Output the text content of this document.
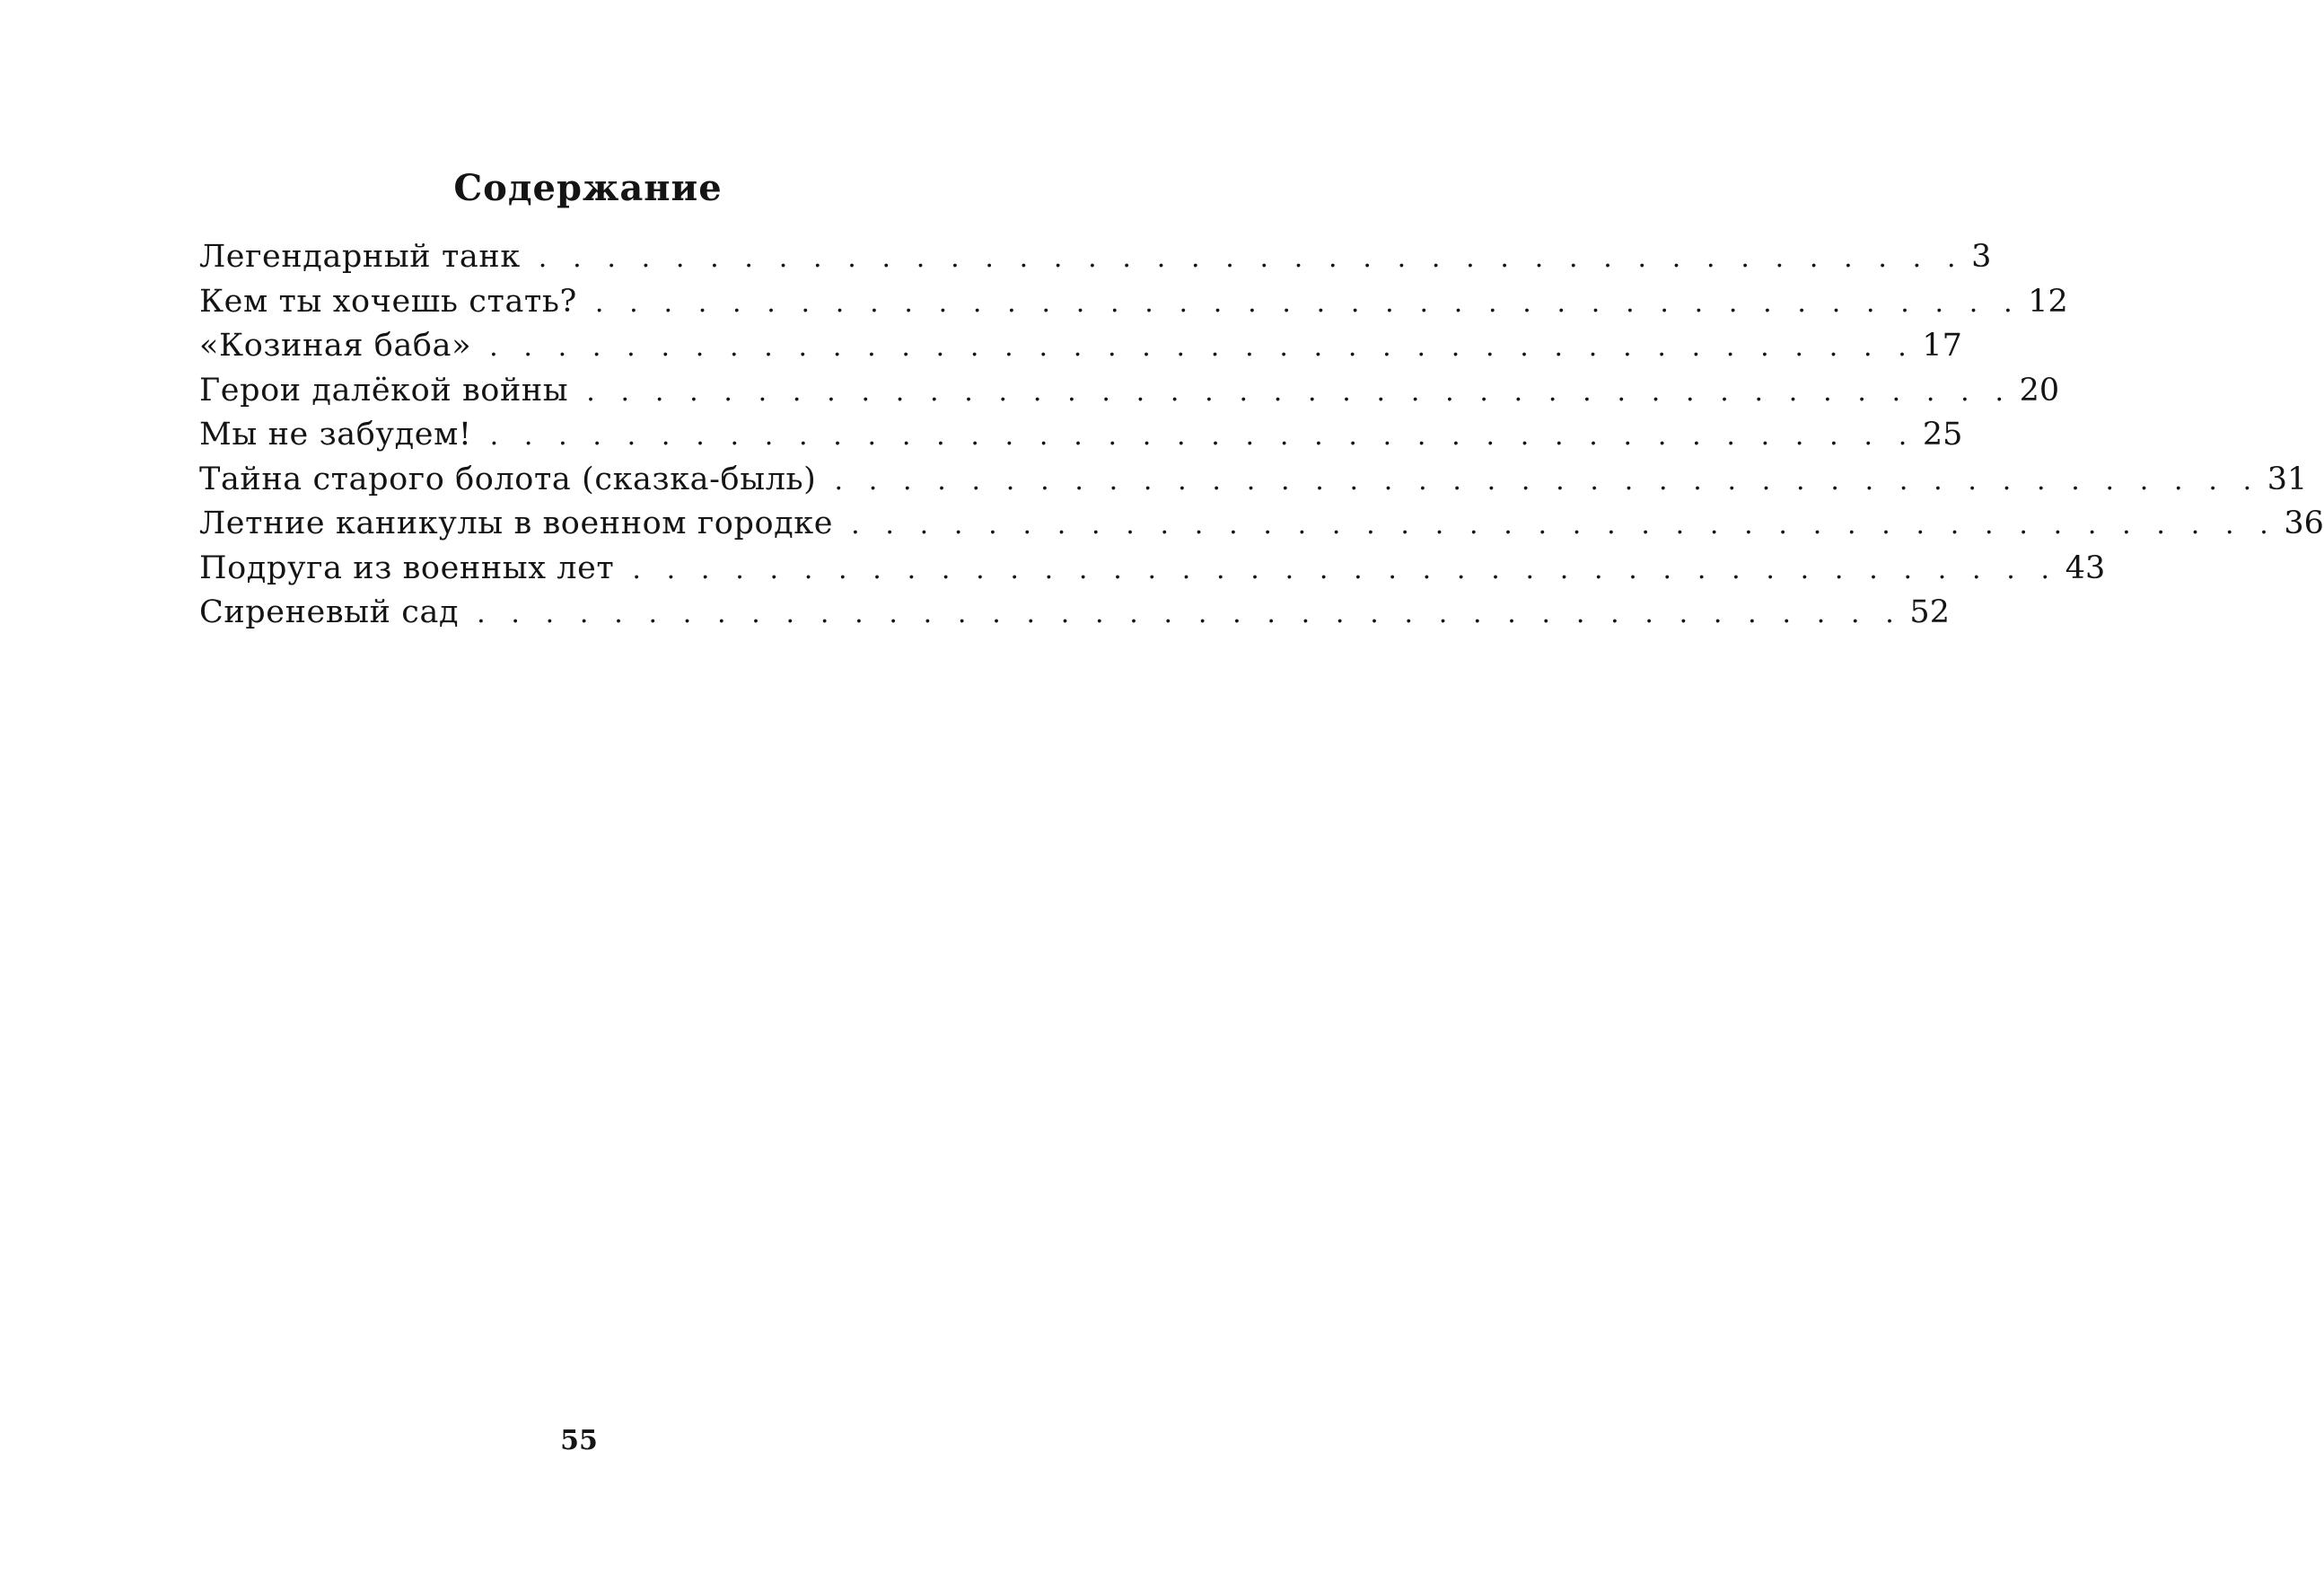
Содержание
Легендарный танк . . . . . . . . . . . . . . . . . . . . . . . . . . . . . . . . . . . . . . . . . . 3
Кем ты хочешь стать? . . . . . . . . . . . . . . . . . . . . . . . . . . . . . . . . . . . . . . . . . . 12
«Козиная баба» . . . . . . . . . . . . . . . . . . . . . . . . . . . . . . . . . . . . . . . . . . 17
Герои далёкой войны . . . . . . . . . . . . . . . . . . . . . . . . . . . . . . . . . . . . . . . . . . 20
Мы не забудем! . . . . . . . . . . . . . . . . . . . . . . . . . . . . . . . . . . . . . . . . . . 25
Тайна старого болота (сказка-быль) . . . . . . . . . . . . . . . . . . . . . . . . . . . . . . . . . . . . . . . . . . 31
Летние каникулы в военном городке . . . . . . . . . . . . . . . . . . . . . . . . . . . . . . . . . . . . . . . . . . 36
Подруга из военных лет . . . . . . . . . . . . . . . . . . . . . . . . . . . . . . . . . . . . . . . . . . 43
Сиреневый сад . . . . . . . . . . . . . . . . . . . . . . . . . . . . . . . . . . . . . . . . . . 52
55
